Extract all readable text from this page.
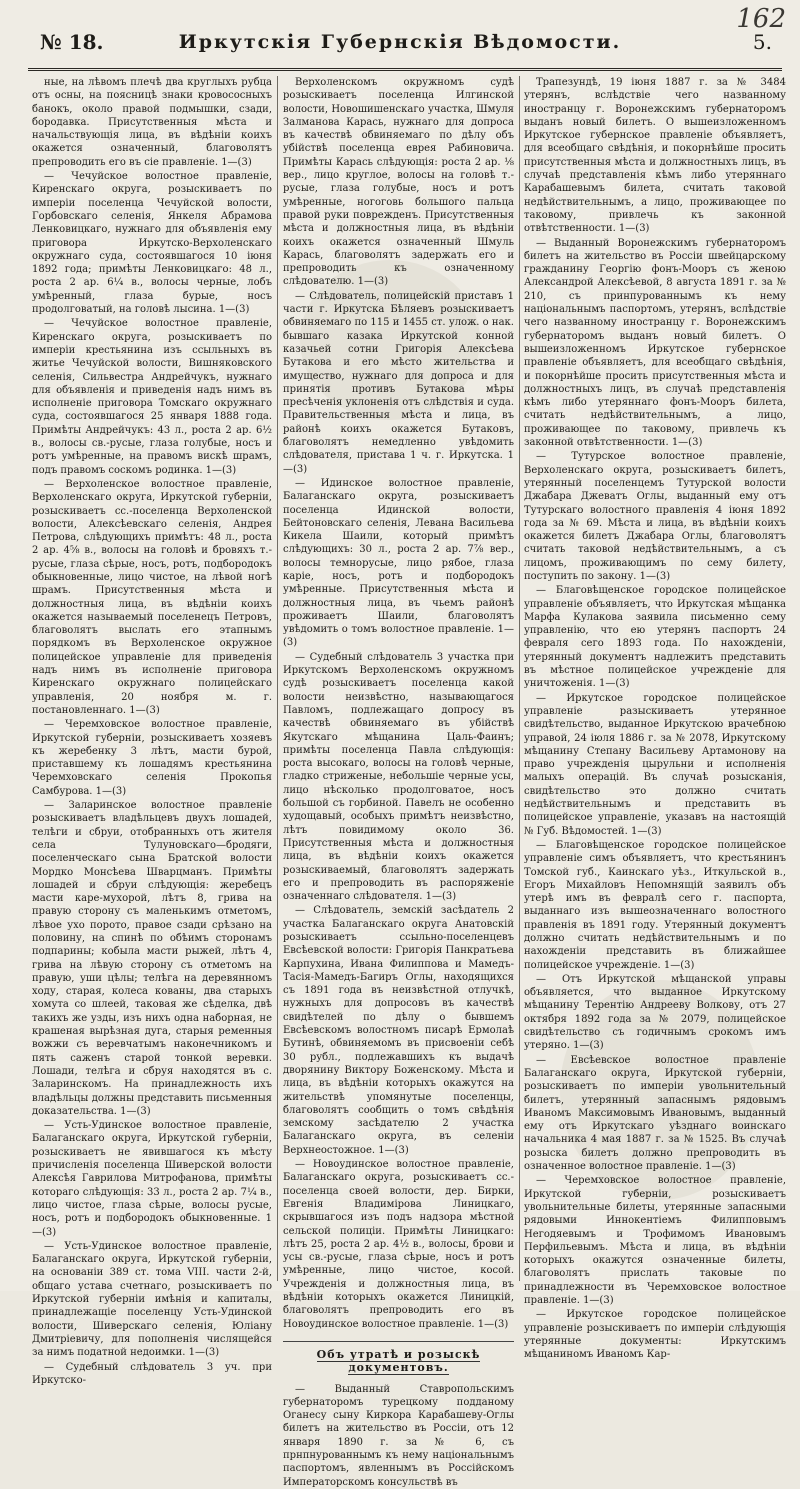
162
№ 18.	Иркутскія Губернскія Вѣдомости.	5.

ные, на лѣвомъ плечѣ два круглыхъ рубца отъ осны, на поясницѣ знаки кровососныхъ банокъ, около правой подмышки, сзади, бородавка. Присутственныя мѣста и начальствующія лица, въ вѣдѣніи коихъ окажется означенный, благоволятъ препроводить его въ сіе правленіе. 1—(3)

— Чечуйское волостное правленіе, Киренскаго округа, розыскиваетъ по имперіи поселенца Чечуйской волости, Горбовскаго селенія, Янкеля Абрамова Ленковицкаго, нужнаго для объявленія ему приговора Иркутско-Верхоленскаго окружнаго суда, состоявшагося 10 іюня 1892 года; примѣты Ленковицкаго: 48 л., роста 2 ар. 6¼ в., волосы черные, лобъ умѣренный, глаза бурые, носъ продолговатый, на головѣ лысина. 1—(3)

— Чечуйское волостное правленіе, Киренскаго округа, розыскиваетъ по имперіи крестьянина изъ ссыльныхъ въ житье Чечуйской волости, Вишняковского селенія, Сильвестра Андрейчукъ, нужнаго для объявленія и приведенія надъ нимъ въ исполненіе приговора Томскаго окружнаго суда, состоявшагося 25 января 1888 года. Примѣты Андрейчукъ: 43 л., роста 2 ар. 6½ в., волосы св.-русые, глаза голубые, носъ и ротъ умѣренные, на правомъ вискѣ шрамъ, подъ правомъ соскомъ родинка. 1—(3)

— Верхоленское волостное правленіе, Верхоленскаго округа, Иркутской губерніи, розыскиваетъ сс.-поселенца Верхоленской волости, Алексѣевскаго селенія, Андрея Петрова, слѣдующихъ примѣтъ: 48 л., роста 2 ар. 4⅝ в., волосы на головѣ и бровяхъ т.-русые, глаза сѣрые, носъ, ротъ, подбородокъ обыкновенные, лицо чистое, на лѣвой ногѣ шрамъ. Присутственныя мѣста и должностныя лица, въ вѣдѣніи коихъ окажется называемый поселенецъ Петровъ, благоволятъ выслать его этапнымъ порядкомъ въ Верхоленское окружное полицейское управленіе для приведенія надъ нимъ въ исполненіе приговора Киренскаго окружнаго полицейскаго управленія, 20 ноября м. г. постановленнаго. 1—(3)

— Черемховское волостное правленіе, Иркутской губерніи, розыскиваетъ хозяевъ къ жеребенку 3 лѣтъ, масти бурой, приставшему къ лошадямъ крестьянина Черемховскаго селенія Прокопья Самбурова. 1—(3)

— Заларинское волостное правленіе розыскиваетъ владѣльцевъ двухъ лошадей, телѣги и сбруи, отобранныхъ отъ жителя села Тулуновскаго—бродяги, поселенческаго сына Братской волости Мордко Монсѣева Шварцманъ. Примѣты лошадей и сбруи слѣдующія: жеребецъ масти каре-мухорой, лѣтъ 8, грива на правую сторону съ маленькимъ отметомъ, лѣвое ухо порото, правое сзади срѣзано на половину, на спинѣ по обѣимъ сторонамъ подпарины; кобыла масти рыжей, лѣтъ 4, грива на лѣвую сторону съ отметомъ на правую, уши цѣлы; телѣга на деревянномъ ходу, старая, колеса кованы, два старыхъ хомута со шлеей, таковая же сѣделка, двѣ такихъ же узды, изъ нихъ одна наборная, не крашеная вырѣзная дуга, старыя ременныя вожжи съ веревчатымъ наконечникомъ и пять саженъ старой тонкой веревки. Лошади, телѣга и сбруя находятся въ с. Заларинскомъ. На принадлежность ихъ владѣльцы должны представить письменныя доказательства. 1—(3)

— Усть-Удинское волостное правленіе, Балаганскаго округа, Иркутской губерніи, розыскиваетъ не явившагося къ мѣсту причисленія поселенца Шиверской волости Алексѣя Гаврилова Митрофанова, примѣты котораго слѣдующія: 33 л., роста 2 ар. 7¼ в., лицо чистое, глаза сѣрые, волосы русые, носъ, ротъ и подбородокъ обыкновенные. 1—(3)

— Усть-Удинское волостное правленіе, Балаганскаго округа, Иркутской губерніи, на основаніи 389 ст. тома VIII. части 2-й, общаго устава счетнаго, розыскиваетъ по Иркутской губерніи имѣнія и капиталы, принадлежащіе поселенцу Усть-Удинской волости, Шиверскаго селенія, Юліану Дмитріевичу, для пополненія числящейся за нимъ податной недоимки. 1—(3)

— Судебный слѣдователь 3 уч. при Иркутско-

Верхоленскомъ окружномъ судѣ розыскиваетъ поселенца Илгинской волости, Новошишенскаго участка, Шмуля Залманова Карась, нужнаго для допроса въ качествѣ обвиняемаго по дѣлу объ убійствѣ поселенца еврея Рабиновича. Примѣты Карась слѣдующія: роста 2 ар. ⅛ вер., лицо круглое, волосы на головѣ т.-русые, глаза голубые, носъ и ротъ умѣренные, ногоговь большого пальца правой руки поврежденъ. Присутственныя мѣста и должностныя лица, въ вѣдѣніи коихъ окажется означенный Шмуль Карась, благоволятъ задержать его и препроводить къ означенному слѣдователю. 1—(3)

— Слѣдователь, полицейскій приставъ 1 части г. Иркутска Бѣляевъ розыскиваетъ обвиняемаго по 115 и 1455 ст. улож. о нак. бывшаго казака Иркутской конной казачьей сотни Григорія Алексѣева Бутакова и его мѣсто жительства и имущество, нужнаго для допроса и для принятія противъ Бутакова мѣры пресѣченія уклоненія отъ слѣдствія и суда. Правительственныя мѣста и лица, въ районѣ коихъ окажется Бутаковъ, благоволятъ немедленно увѣдомить слѣдователя, пристава 1 ч. г. Иркутска. 1—(3)

— Идинское волостное правленіе, Балаганскаго округа, розыскиваетъ поселенца Идинской волости, Бейтоновскаго селенія, Левана Васильева Кикела Шаили, который примѣтъ слѣдующихъ: 30 л., роста 2 ар. 7⅞ вер., волосы темнорусые, лицо рябое, глаза каріе, носъ, ротъ и подбородокъ умѣренные. Присутственныя мѣста и должностныя лица, въ чьемъ районѣ проживаетъ Шаили, благоволятъ увѣдомить о томъ волостное правленіе. 1—(3)

— Судебный слѣдователь 3 участка при Иркутскомъ Верхоленскомъ окружномъ судѣ розыскиваетъ поселенца какой волости неизвѣстно, называющагося Павломъ, подлежащаго допросу въ качествѣ обвиняемаго въ убійствѣ Якутскаго мѣщанина Цаль-Фаинъ; примѣты поселенца Павла слѣдующія: роста высокаго, волосы на головѣ черные, гладко стриженые, небольшіе черные усы, лицо нѣсколько продолговатое, носъ большой съ горбиной. Павелъ не особенно худощавый, особыхъ примѣтъ неизвѣстно, лѣтъ повидимому около 36. Присутственныя мѣста и должностныя лица, въ вѣдѣніи коихъ окажется розыскиваемый, благоволятъ задержать его и препроводить въ распоряженіе означеннаго слѣдователя. 1—(3)

— Слѣдователь, земскій засѣдатель 2 участка Балаганскаго округа Анатовскій розыскиваетъ ссыльно-поселенцевъ Евсѣевской волости: Григорія Панкратьева Карпухина, Ивана Филиппова и Мамедъ-Тасія-Мамедъ-Багиръ Оглы, находящихся съ 1891 года въ неизвѣстной отлучкѣ, нужныхъ для допросовъ въ качествѣ свидѣтелей по дѣлу о бывшемъ Евсѣевскомъ волостномъ писарѣ Ермолаѣ Бутинѣ, обвиняемомъ въ присвоеніи себѣ 30 рубл., подлежавшихъ къ выдачѣ дворянину Виктору Боженскому. Мѣста и лица, въ вѣдѣніи которыхъ окажутся на жительствѣ упомянутые поселенцы, благоволятъ сообщить о томъ свѣдѣнія земскому засѣдателю 2 участка Балаганскаго округа, въ селеніи Верхнеостожное. 1—(3)

— Новоудинское волостное правленіе, Балаганскаго округа, розыскиваетъ сс.-поселенца своей волости, дер. Бирки, Евгенія Владимірова Линицкаго, скрывшагося изъ подъ надзора мѣстной сельской полиціи. Примѣты Линицкаго: лѣтъ 25, роста 2 ар. 4½ в., волосы, брови и усы св.-русые, глаза сѣрые, носъ и ротъ умѣренные, лицо чистое, косой. Учрежденія и должностныя лица, въ вѣдѣніи которыхъ окажется Линицкій, благоволятъ препроводить его въ Новоудинское волостное правленіе. 1—(3)

Объ утратѣ и розыскѣ документовъ.

— Выданный Ставропольскимъ губернаторомъ турецкому подданому Оганесу сыну Киркора Карабашеву-Оглы билетъ на жительство въ Россіи, отъ 12 января 1890 г. за № 6, съ прнпнурованнымъ къ нему національнымъ паспортомъ, явленнымъ въ Россійскомъ Императорскомъ консульствѣ въ

Трапезундѣ, 19 іюня 1887 г. за № 3484 утерянъ, вслѣдствіе чего названному иностранцу г. Воронежскимъ губернаторомъ выданъ новый билетъ. О вышеизложенномъ Иркутское губернское правленіе объявляетъ, для всеобщаго свѣдѣнія, и покорнѣйше просить присутственныя мѣста и должностныхъ лицъ, въ случаѣ представленія кѣмъ либо утеряннаго Карабашевымъ билета, считать таковой недѣйствительнымъ, а лицо, проживающее по таковому, привлечь къ законной отвѣтственности. 1—(3)

— Выданный Воронежскимъ губернаторомъ билетъ на жительство въ Россіи швейцарскому гражданину Георгію фонъ-Мооръ съ женою Александрой Алексѣевой, 8 августа 1891 г. за № 210, съ принпурованнымъ къ нему національнымъ паспортомъ, утерянъ, вслѣдствіе чего названному иностранцу г. Воронежскимъ губернаторомъ выданъ новый билетъ. О вышеизложенномъ Иркутское губернское правленіе объявляетъ, для всеобщаго свѣдѣнія, и покорнѣйше просить присутственныя мѣста и должностныхъ лицъ, въ случаѣ представленія кѣмъ либо утеряннаго фонъ-Мооръ билета, считать недѣйствительнымъ, а лицо, проживающее по таковому, привлечь къ законной отвѣтственности. 1—(3)

— Тутурское волостное правленіе, Верхоленскаго округа, розыскиваетъ билетъ, утерянный поселенцемъ Тутурской волости Джабара Джеватъ Оглы, выданный ему отъ Тутурскаго волостного правленія 4 іюня 1892 года за № 69. Мѣста и лица, въ вѣдѣніи коихъ окажется билетъ Джабара Оглы, благоволятъ считать таковой недѣйствительнымъ, а съ лицомъ, проживающимъ по сему билету, поступить по закону. 1—(3)

— Благовѣщенское городское полицейское управленіе объявляетъ, что Иркутская мѣщанка Марфа Кулакова заявила письменно сему управленію, что ею утерянъ паспортъ 24 февраля сего 1893 года. По нахожденіи, утерянный документъ надлежитъ представить въ мѣстное полицейское учрежденіе для уничтоженія. 1—(3)

— Иркутское городское полицейское управленіе разыскиваетъ утерянное свидѣтельство, выданное Иркутскою врачебною управой, 24 іюля 1886 г. за № 2078, Иркутскому мѣщанину Степану Васильеву Артамонову на право учрежденія цырульни и исполненія малыхъ операцій. Въ случаѣ розысканія, свидѣтельство это должно считать недѣйствительнымъ и представить въ полицейское управленіе, указавъ на настоящій № Губ. Вѣдомостей. 1—(3)

— Благовѣщенское городское полицейское управленіе симъ объявляетъ, что крестьянинъ Томской губ., Каинскаго уѣз., Иткульской в., Егоръ Михайловъ Непомнящій заявилъ объ утерѣ имъ въ февралѣ сего г. паспорта, выданнаго изъ вышеозначеннаго волостного правленія въ 1891 году. Утерянный документъ должно считать недѣйствительнымъ и по нахожденіи представить въ ближайшее полицейское учрежденіе. 1—(3)

— Отъ Иркутской мѣщанской управы объявляется, что выданное Иркутскому мѣщанину Терентію Андрееву Волкову, отъ 27 октября 1892 года за № 2079, полицейское свидѣтельство съ годичнымъ срокомъ имъ утеряно. 1—(3)

— Евсѣевское волостное правленіе Балаганскаго округа, Иркутской губерніи, розыскиваетъ по имперіи увольнительный билетъ, утерянный запаснымъ рядовымъ Иваномъ Максимовымъ Ивановымъ, выданный ему отъ Иркутскаго уѣзднаго воинскаго начальника 4 мая 1887 г. за № 1525. Въ случаѣ розыска билетъ должно препроводить въ означенное волостное правленіе. 1—(3)

— Черемховское волостное правленіе, Иркутской губерніи, розыскиваетъ увольнительные билеты, утерянные запасными рядовыми Иннокентіемъ Филипповымъ Негодяевымъ и Трофимомъ Ивановымъ Перфильевымъ. Мѣста и лица, въ вѣдѣніи которыхъ окажутся означенные билеты, благоволятъ прислать таковые по принадлежности въ Черемховское волостное правленіе. 1—(3)

— Иркутское городское полицейское управленіе розыскиваетъ по имперіи слѣдующія утерянные документы: Иркутскимъ мѣщаниномъ Иваномъ Кар-
